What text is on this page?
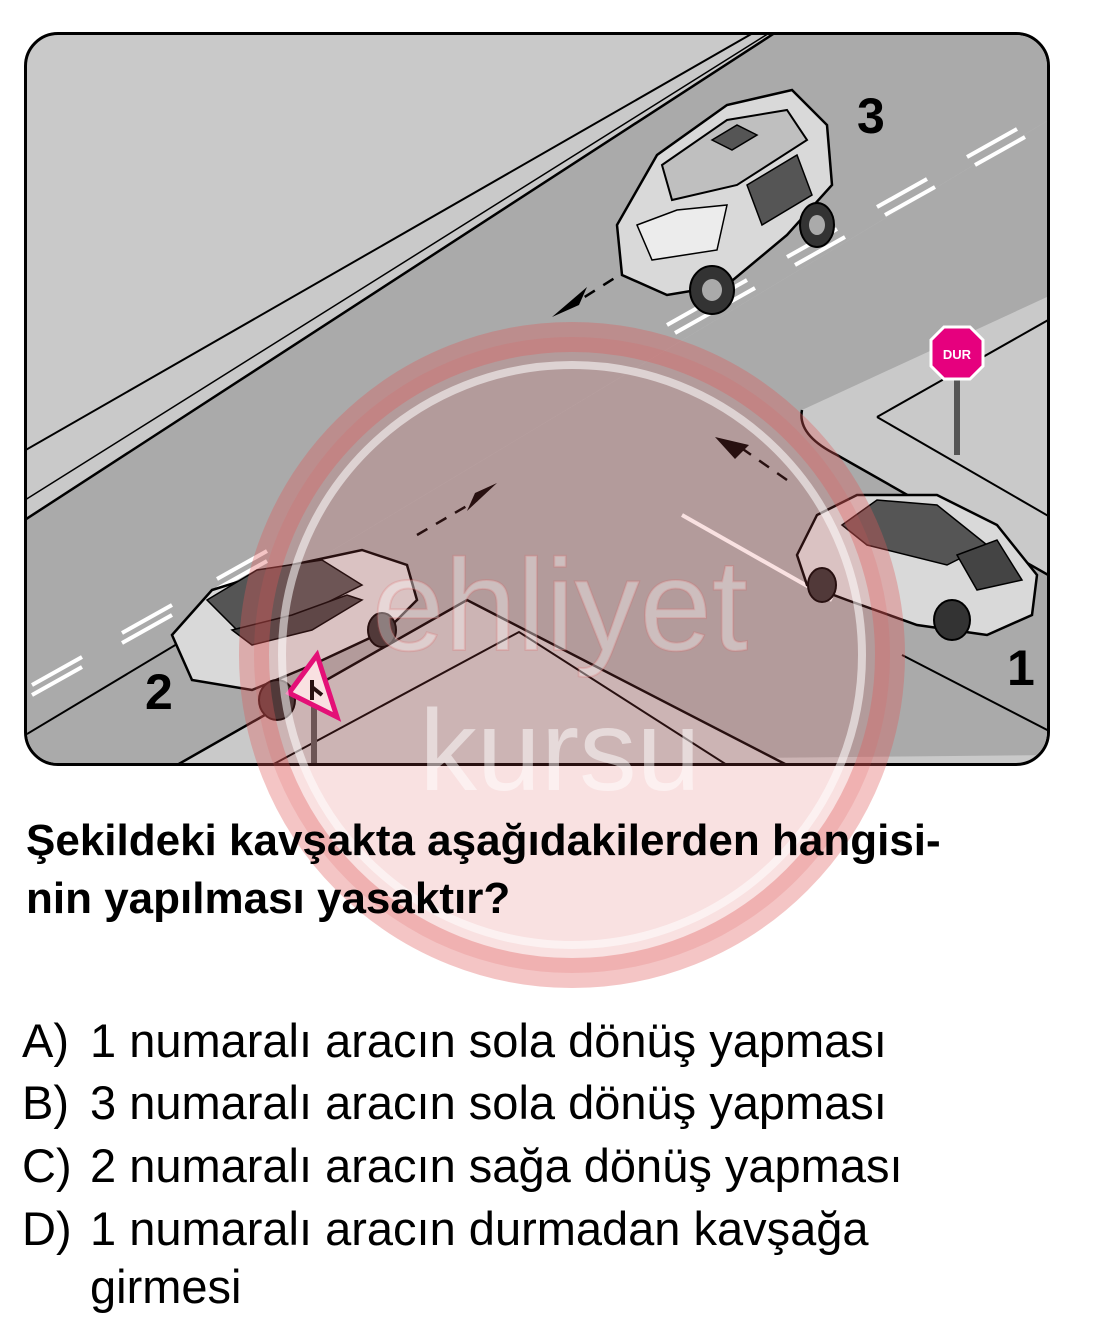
DUR
3
2	1
ehliyet
kursu
Şekildeki kavşakta aşağıdakilerden hangisi-
nin yapılması yasaktır?
A) 1 numaralı aracın sola dönüş yapması
B) 3 numaralı aracın sola dönüş yapması
C) 2 numaralı aracın sağa dönüş yapması
D) 1 numaralı aracın durmadan kavşağa girmesi
